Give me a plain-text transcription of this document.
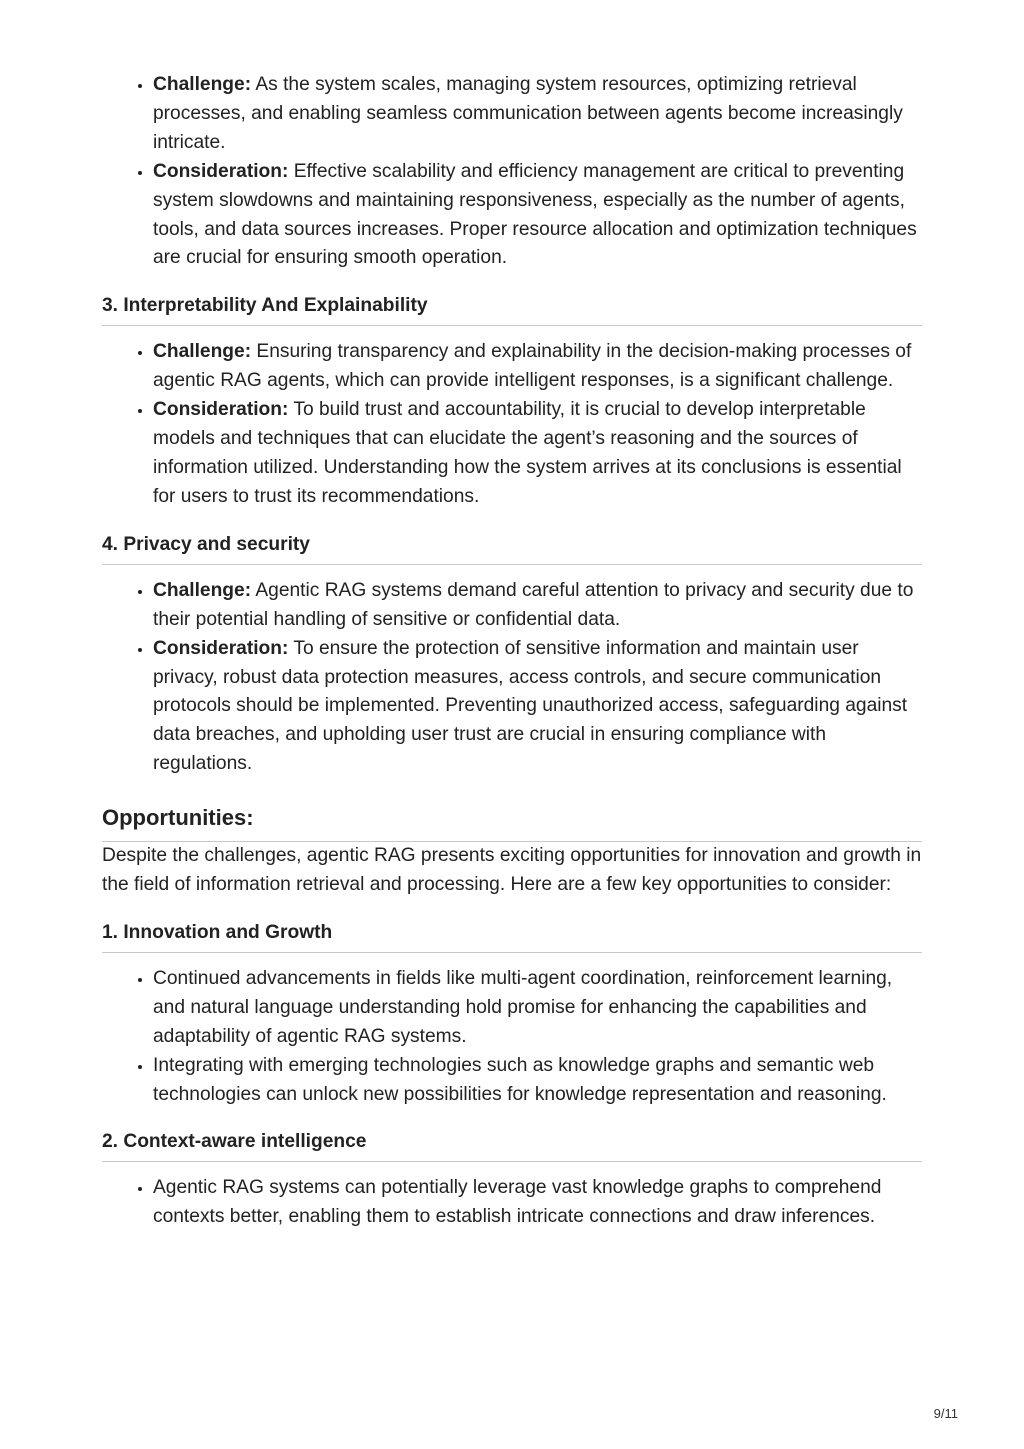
• Challenge: As the system scales, managing system resources, optimizing retrieval processes, and enabling seamless communication between agents become increasingly intricate.
• Consideration: Effective scalability and efficiency management are critical to preventing system slowdowns and maintaining responsiveness, especially as the number of agents, tools, and data sources increases. Proper resource allocation and optimization techniques are crucial for ensuring smooth operation.
3. Interpretability And Explainability
• Challenge: Ensuring transparency and explainability in the decision-making processes of agentic RAG agents, which can provide intelligent responses, is a significant challenge.
• Consideration: To build trust and accountability, it is crucial to develop interpretable models and techniques that can elucidate the agent’s reasoning and the sources of information utilized. Understanding how the system arrives at its conclusions is essential for users to trust its recommendations.
4. Privacy and security
• Challenge: Agentic RAG systems demand careful attention to privacy and security due to their potential handling of sensitive or confidential data.
• Consideration: To ensure the protection of sensitive information and maintain user privacy, robust data protection measures, access controls, and secure communication protocols should be implemented. Preventing unauthorized access, safeguarding against data breaches, and upholding user trust are crucial in ensuring compliance with regulations.
Opportunities:

Despite the challenges, agentic RAG presents exciting opportunities for innovation and growth in the field of information retrieval and processing. Here are a few key opportunities to consider:

1. Innovation and Growth
• Continued advancements in fields like multi-agent coordination, reinforcement learning, and natural language understanding hold promise for enhancing the capabilities and adaptability of agentic RAG systems.
• Integrating with emerging technologies such as knowledge graphs and semantic web technologies can unlock new possibilities for knowledge representation and reasoning.
2. Context-aware intelligence
• Agentic RAG systems can potentially leverage vast knowledge graphs to comprehend contexts better, enabling them to establish intricate connections and draw inferences.
9/11
